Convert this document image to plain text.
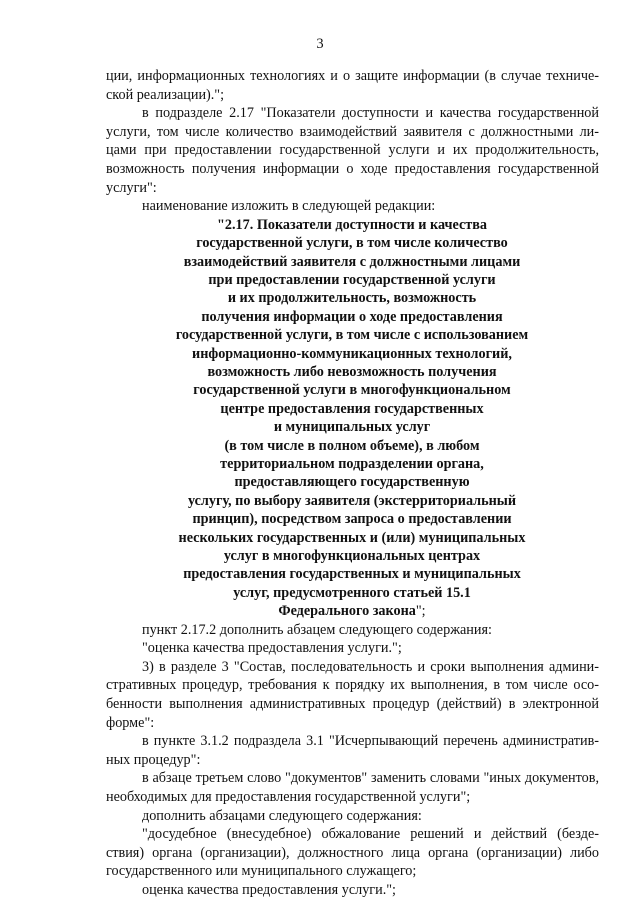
3
ции, информационных технологиях и о защите информации (в случае техниче-
ской реализации).";
в подразделе 2.17 "Показатели доступности и качества государственной
услуги, том числе количество взаимодействий заявителя с должностными ли-
цами при предоставлении государственной услуги и их продолжительность,
возможность получения информации о ходе предоставления государственной
услуги":
наименование изложить в следующей редакции:
"2.17. Показатели доступности и качества
государственной услуги, в том числе количество
взаимодействий заявителя с должностными лицами
при предоставлении государственной услуги
и их продолжительность, возможность
получения информации о ходе предоставления
государственной услуги, в том числе с использованием
информационно-коммуникационных технологий,
возможность либо невозможность получения
государственной услуги в многофункциональном
центре предоставления государственных
и муниципальных услуг
(в том числе в полном объеме), в любом
территориальном подразделении органа,
предоставляющего государственную
услугу, по выбору заявителя (экстерриториальный
принцип), посредством запроса о предоставлении
нескольких государственных и (или) муниципальных
услуг в многофункциональных центрах
предоставления государственных и муниципальных
услуг, предусмотренного статьей 15.1
Федерального закона";
пункт 2.17.2 дополнить абзацем следующего содержания:
"оценка качества предоставления услуги.";
3) в разделе 3 "Состав, последовательность и сроки выполнения админи-
стративных процедур, требования к порядку их выполнения, в том числе осо-
бенности выполнения административных процедур (действий) в электронной
форме":
в пункте 3.1.2 подраздела 3.1 "Исчерпывающий перечень административ-
ных процедур":
в абзаце третьем слово "документов" заменить словами "иных документов,
необходимых для предоставления государственной услуги";
дополнить абзацами следующего содержания:
"досудебное (внесудебное) обжалование решений и действий (безде-
ствия) органа (организации), должностного лица органа (организации) либо
государственного или муниципального служащего;
оценка качества предоставления услуги.";
